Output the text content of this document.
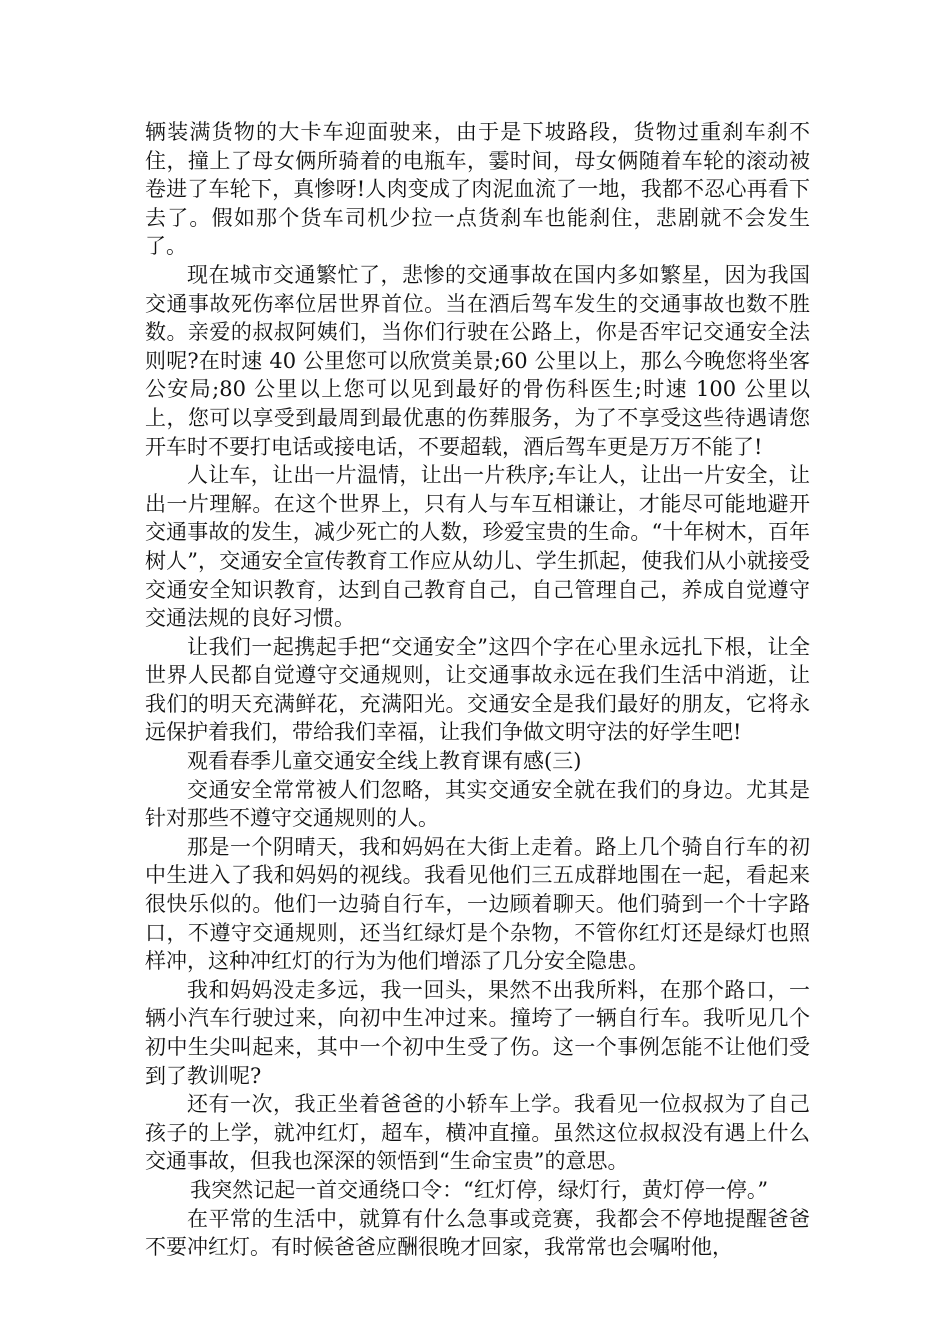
辆装满货物的大卡车迎面驶来，由于是下坡路段，货物过重刹车刹不住，撞上了母女俩所骑着的电瓶车，霎时间，母女俩随着车轮的滚动被卷进了车轮下，真惨呀!人肉变成了肉泥血流了一地，我都不忍心再看下去了。假如那个货车司机少拉一点货刹车也能刹住，悲剧就不会发生了。

现在城市交通繁忙了，悲惨的交通事故在国内多如繁星，因为我国交通事故死伤率位居世界首位。当在酒后驾车发生的交通事故也数不胜数。亲爱的叔叔阿姨们，当你们行驶在公路上，你是否牢记交通安全法则呢?在时速 40 公里您可以欣赏美景;60 公里以上，那么今晚您将坐客公安局;80 公里以上您可以见到最好的骨伤科医生;时速 100 公里以上，您可以享受到最周到最优惠的伤葬服务，为了不享受这些待遇请您开车时不要打电话或接电话，不要超载，酒后驾车更是万万不能了!

人让车，让出一片温情，让出一片秩序;车让人，让出一片安全，让出一片理解。在这个世界上，只有人与车互相谦让，才能尽可能地避开交通事故的发生，减少死亡的人数，珍爱宝贵的生命。“十年树木，百年树人”，交通安全宣传教育工作应从幼儿、学生抓起，使我们从小就接受交通安全知识教育，达到自己教育自己，自己管理自己，养成自觉遵守交通法规的良好习惯。

让我们一起携起手把“交通安全”这四个字在心里永远扎下根，让全世界人民都自觉遵守交通规则，让交通事故永远在我们生活中消逝，让我们的明天充满鲜花，充满阳光。交通安全是我们最好的朋友，它将永远保护着我们，带给我们幸福，让我们争做文明守法的好学生吧!

观看春季儿童交通安全线上教育课有感(三)

交通安全常常被人们忽略，其实交通安全就在我们的身边。尤其是针对那些不遵守交通规则的人。

那是一个阴晴天，我和妈妈在大街上走着。路上几个骑自行车的初中生进入了我和妈妈的视线。我看见他们三五成群地围在一起，看起来很快乐似的。他们一边骑自行车，一边顾着聊天。他们骑到一个十字路口，不遵守交通规则，还当红绿灯是个杂物，不管你红灯还是绿灯也照样冲，这种冲红灯的行为为他们增添了几分安全隐患。

我和妈妈没走多远，我一回头，果然不出我所料，在那个路口，一辆小汽车行驶过来，向初中生冲过来。撞垮了一辆自行车。我听见几个初中生尖叫起来，其中一个初中生受了伤。这一个事例怎能不让他们受到了教训呢?

还有一次，我正坐着爸爸的小轿车上学。我看见一位叔叔为了自己孩子的上学，就冲红灯，超车，横冲直撞。虽然这位叔叔没有遇上什么交通事故，但我也深深的领悟到“生命宝贵”的意思。

我突然记起一首交通绕口令：“红灯停，绿灯行，黄灯停一停。”

在平常的生活中，就算有什么急事或竞赛，我都会不停地提醒爸爸不要冲红灯。有时候爸爸应酬很晚才回家，我常常也会嘱咐他，
